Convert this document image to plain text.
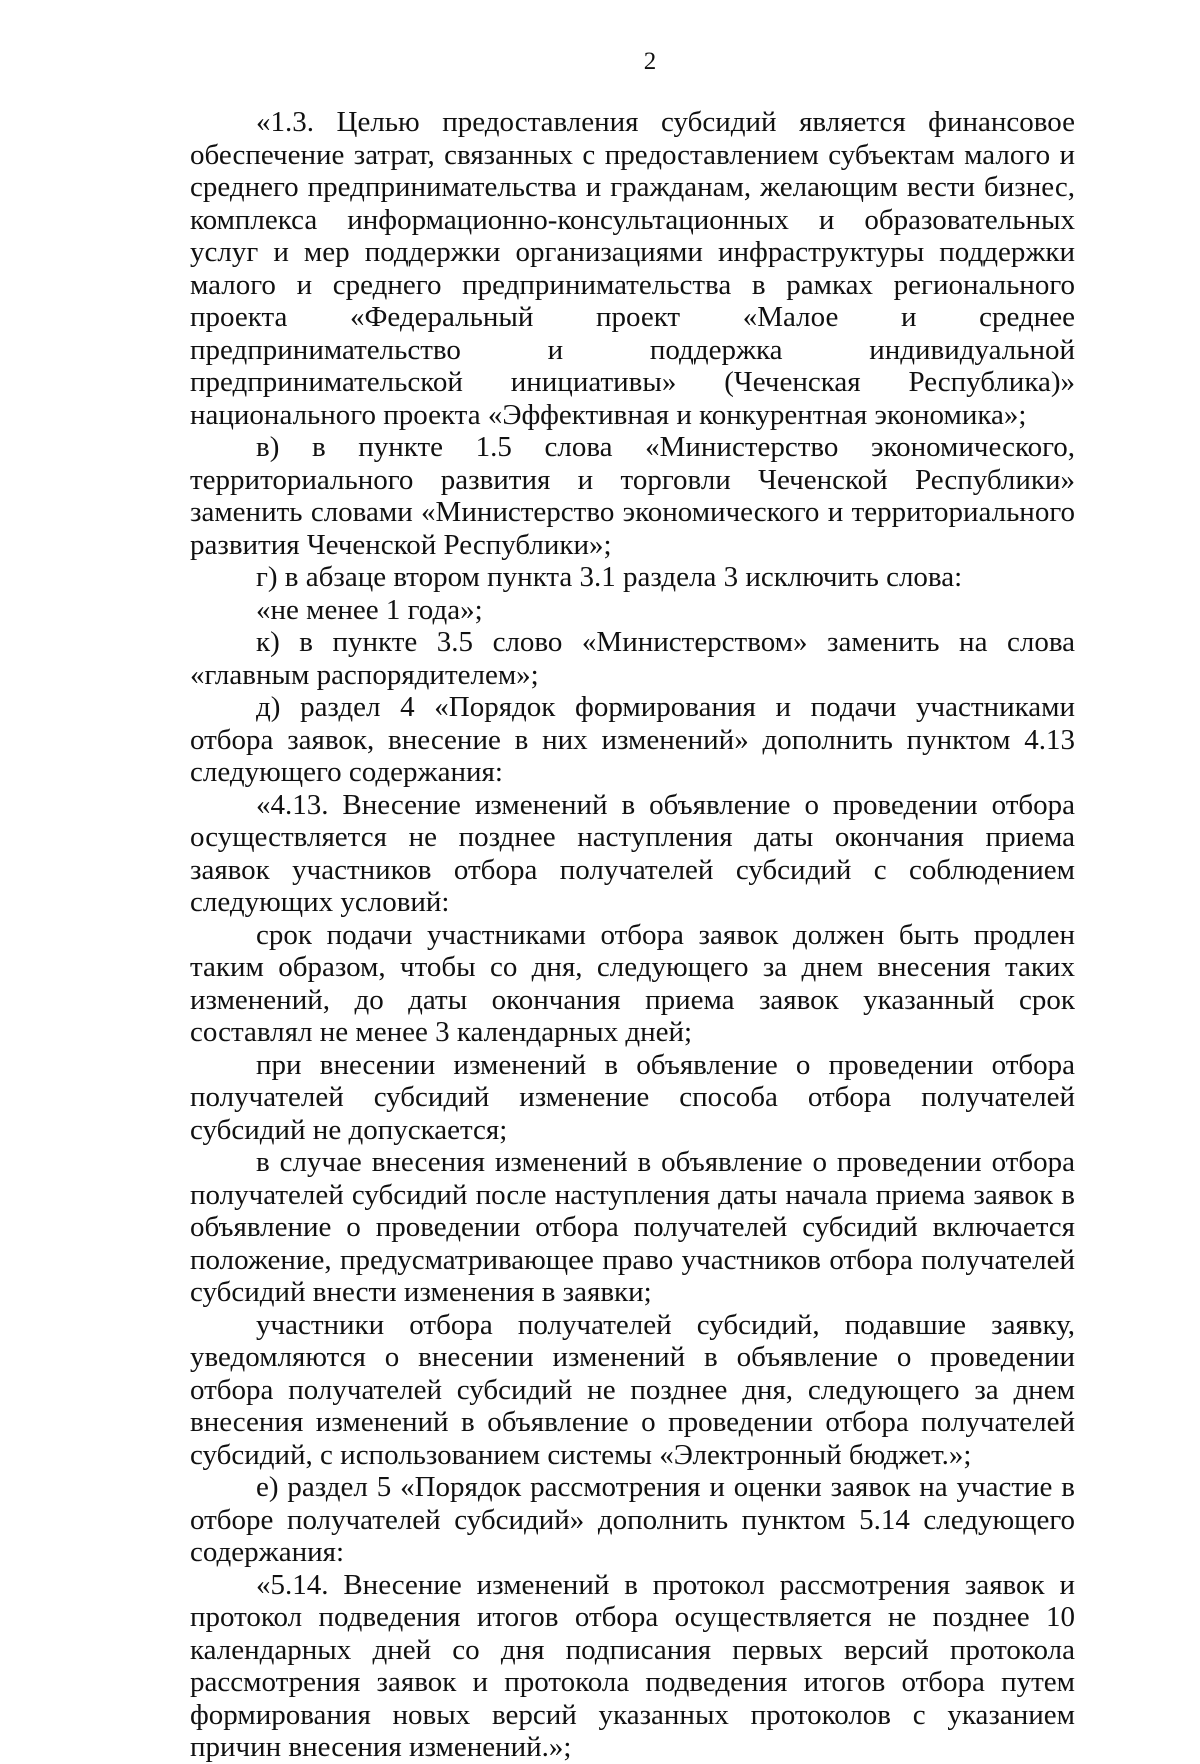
2

«1.3. Целью предоставления субсидий является финансовое обеспечение затрат, связанных с предоставлением субъектам малого и среднего предпринимательства и гражданам, желающим вести бизнес, комплекса информационно-консультационных и образовательных услуг и мер поддержки организациями инфраструктуры поддержки малого и среднего предпринимательства в рамках регионального проекта «Федеральный проект «Малое и среднее предпринимательство и поддержка индивидуальной предпринимательской инициативы» (Чеченская Республика)» национального проекта «Эффективная и конкурентная экономика»;

в) в пункте 1.5 слова «Министерство экономического, территориального развития и торговли Чеченской Республики» заменить словами «Министерство экономического и территориального развития Чеченской Республики»;

г) в абзаце втором пункта 3.1 раздела 3 исключить слова:

«не менее 1 года»;

к) в пункте 3.5 слово «Министерством» заменить на слова «главным распорядителем»;

д) раздел 4 «Порядок формирования и подачи участниками отбора заявок, внесение в них изменений» дополнить пунктом 4.13 следующего содержания:

«4.13. Внесение изменений в объявление о проведении отбора осуществляется не позднее наступления даты окончания приема заявок участников отбора получателей субсидий с соблюдением следующих условий:

срок подачи участниками отбора заявок должен быть продлен таким образом, чтобы со дня, следующего за днем внесения таких изменений, до даты окончания приема заявок указанный срок составлял не менее 3 календарных дней;

при внесении изменений в объявление о проведении отбора получателей субсидий изменение способа отбора получателей субсидий не допускается;

в случае внесения изменений в объявление о проведении отбора получателей субсидий после наступления даты начала приема заявок в объявление о проведении отбора получателей субсидий включается положение, предусматривающее право участников отбора получателей субсидий внести изменения в заявки;

участники отбора получателей субсидий, подавшие заявку, уведомляются о внесении изменений в объявление о проведении отбора получателей субсидий не позднее дня, следующего за днем внесения изменений в объявление о проведении отбора получателей субсидий, с использованием системы «Электронный бюджет.»;

е) раздел 5 «Порядок рассмотрения и оценки заявок на участие в отборе получателей субсидий» дополнить пунктом 5.14 следующего содержания:

«5.14. Внесение изменений в протокол рассмотрения заявок и протокол подведения итогов отбора осуществляется не позднее 10 календарных дней со дня подписания первых версий протокола рассмотрения заявок и протокола подведения итогов отбора путем формирования новых версий указанных протоколов с указанием причин внесения изменений.»;
